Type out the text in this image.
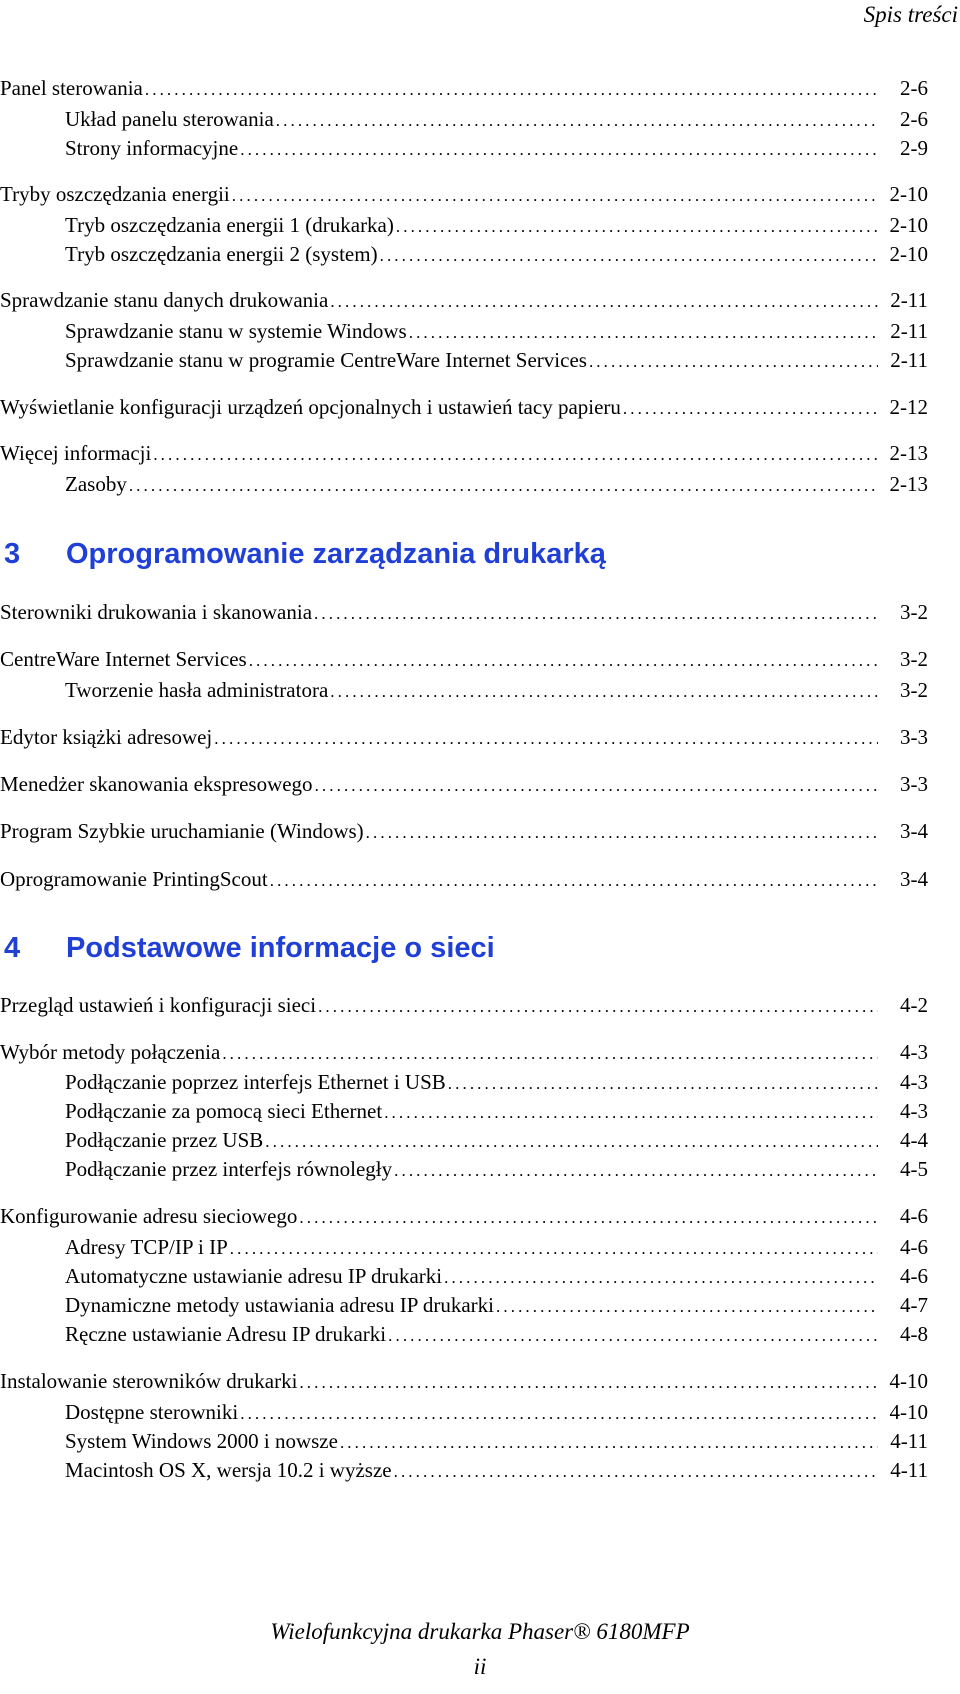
Spis treści
Panel sterowania .....	2-6
Układ panelu sterowania .....	2-6
Strony informacyjne .....	2-9
Tryby oszczędzania energii .....	2-10
Tryb oszczędzania energii 1 (drukarka) .....	2-10
Tryb oszczędzania energii 2 (system) .....	2-10
Sprawdzanie stanu danych drukowania .....	2-11
Sprawdzanie stanu w systemie Windows .....	2-11
Sprawdzanie stanu w programie CentreWare Internet Services .....	2-11
Wyświetlanie konfiguracji urządzeń opcjonalnych i ustawień tacy papieru .....	2-12
Więcej informacji .....	2-13
Zasoby .....	2-13
3	Oprogramowanie zarządzania drukarką
Sterowniki drukowania i skanowania .....	3-2
CentreWare Internet Services .....	3-2
Tworzenie hasła administratora .....	3-2
Edytor książki adresowej .....	3-3
Menedżer skanowania ekspresowego .....	3-3
Program Szybkie uruchamianie (Windows) .....	3-4
Oprogramowanie PrintingScout .....	3-4
4	Podstawowe informacje o sieci
Przegląd ustawień i konfiguracji sieci .....	4-2
Wybór metody połączenia .....	4-3
Podłączanie poprzez interfejs Ethernet i USB .....	4-3
Podłączanie za pomocą sieci Ethernet .....	4-3
Podłączanie przez USB .....	4-4
Podłączanie przez interfejs równoległy .....	4-5
Konfigurowanie adresu sieciowego .....	4-6
Adresy TCP/IP i IP .....	4-6
Automatyczne ustawianie adresu IP drukarki .....	4-6
Dynamiczne metody ustawiania adresu IP drukarki .....	4-7
Ręczne ustawianie Adresu IP drukarki .....	4-8
Instalowanie sterowników drukarki .....	4-10
Dostępne sterowniki .....	4-10
System Windows 2000 i nowsze .....	4-11
Macintosh OS X, wersja 10.2 i wyższe .....	4-11
Wielofunkcyjna drukarka Phaser® 6180MFP
ii
